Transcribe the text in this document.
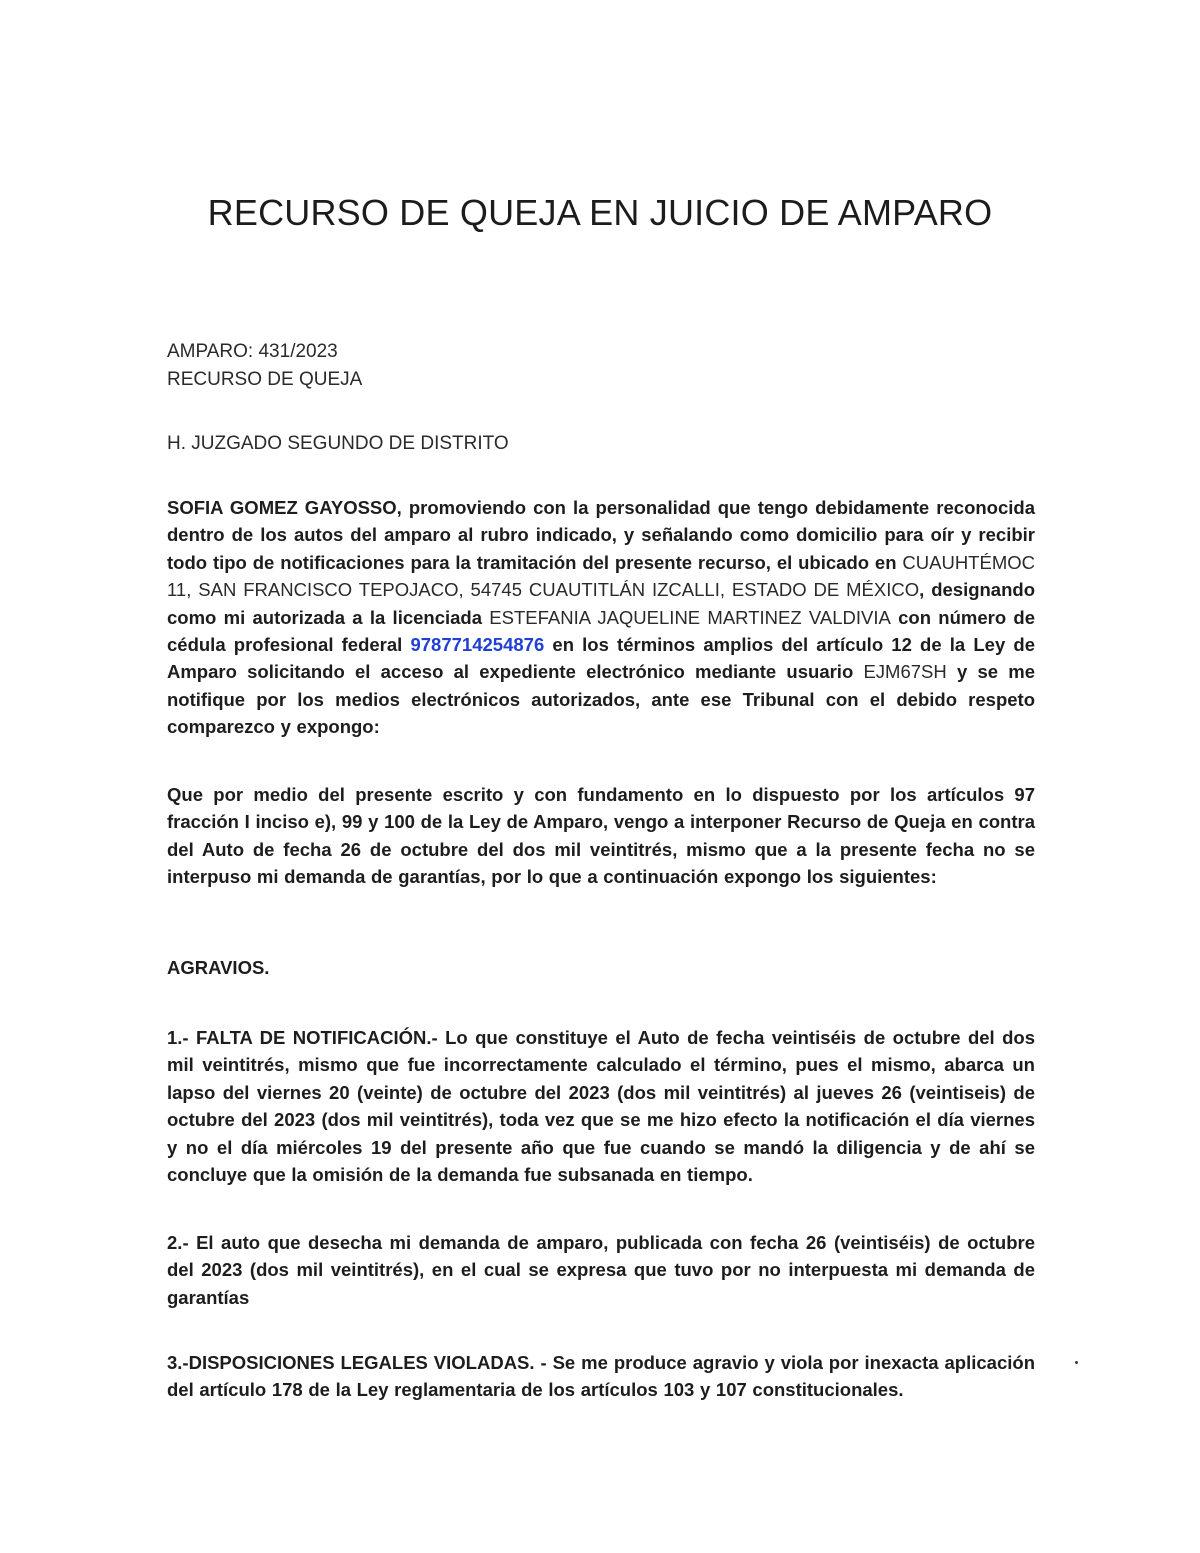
RECURSO DE QUEJA EN JUICIO DE AMPARO
AMPARO: 431/2023
RECURSO DE QUEJA
H. JUZGADO SEGUNDO DE DISTRITO

SOFIA GOMEZ GAYOSSO, promoviendo con la personalidad que tengo debidamente reconocida dentro de los autos del amparo al rubro indicado, y señalando como domicilio para oír y recibir todo tipo de notificaciones para la tramitación del presente recurso, el ubicado en CUAUHTÉMOC 11, SAN FRANCISCO TEPOJACO, 54745 CUAUTITLÁN IZCALLI, ESTADO DE MÉXICO, designando como mi autorizada a la licenciada ESTEFANIA JAQUELINE MARTINEZ VALDIVIA con número de cédula profesional federal 9787714254876 en los términos amplios del artículo 12 de la Ley de Amparo solicitando el acceso al expediente electrónico mediante usuario EJM67SH y se me notifique por los medios electrónicos autorizados, ante ese Tribunal con el debido respeto comparezco y expongo:

Que por medio del presente escrito y con fundamento en lo dispuesto por los artículos 97 fracción I inciso e), 99 y 100 de la Ley de Amparo, vengo a interponer Recurso de Queja en contra del Auto de fecha 26 de octubre del dos mil veintitrés, mismo que a la presente fecha no se interpuso mi demanda de garantías, por lo que a continuación expongo los siguientes:

AGRAVIOS.

1.- FALTA DE NOTIFICACIÓN.- Lo que constituye el Auto de fecha veintiséis de octubre del dos mil veintitrés, mismo que fue incorrectamente calculado el término, pues el mismo, abarca un lapso del viernes 20 (veinte) de octubre del 2023 (dos mil veintitrés) al jueves 26 (veintiseis) de octubre del 2023 (dos mil veintitrés), toda vez que se me hizo efecto la notificación el día viernes y no el día miércoles 19 del presente año que fue cuando se mandó la diligencia y de ahí se concluye que la omisión de la demanda fue subsanada en tiempo.

2.- El auto que desecha mi demanda de amparo, publicada con fecha 26 (veintiséis) de octubre del 2023 (dos mil veintitrés), en el cual se expresa que tuvo por no interpuesta mi demanda de garantías

3.-DISPOSICIONES LEGALES VIOLADAS. - Se me produce agravio y viola por inexacta aplicación del artículo 178 de la Ley reglamentaria de los artículos 103 y 107 constitucionales.
